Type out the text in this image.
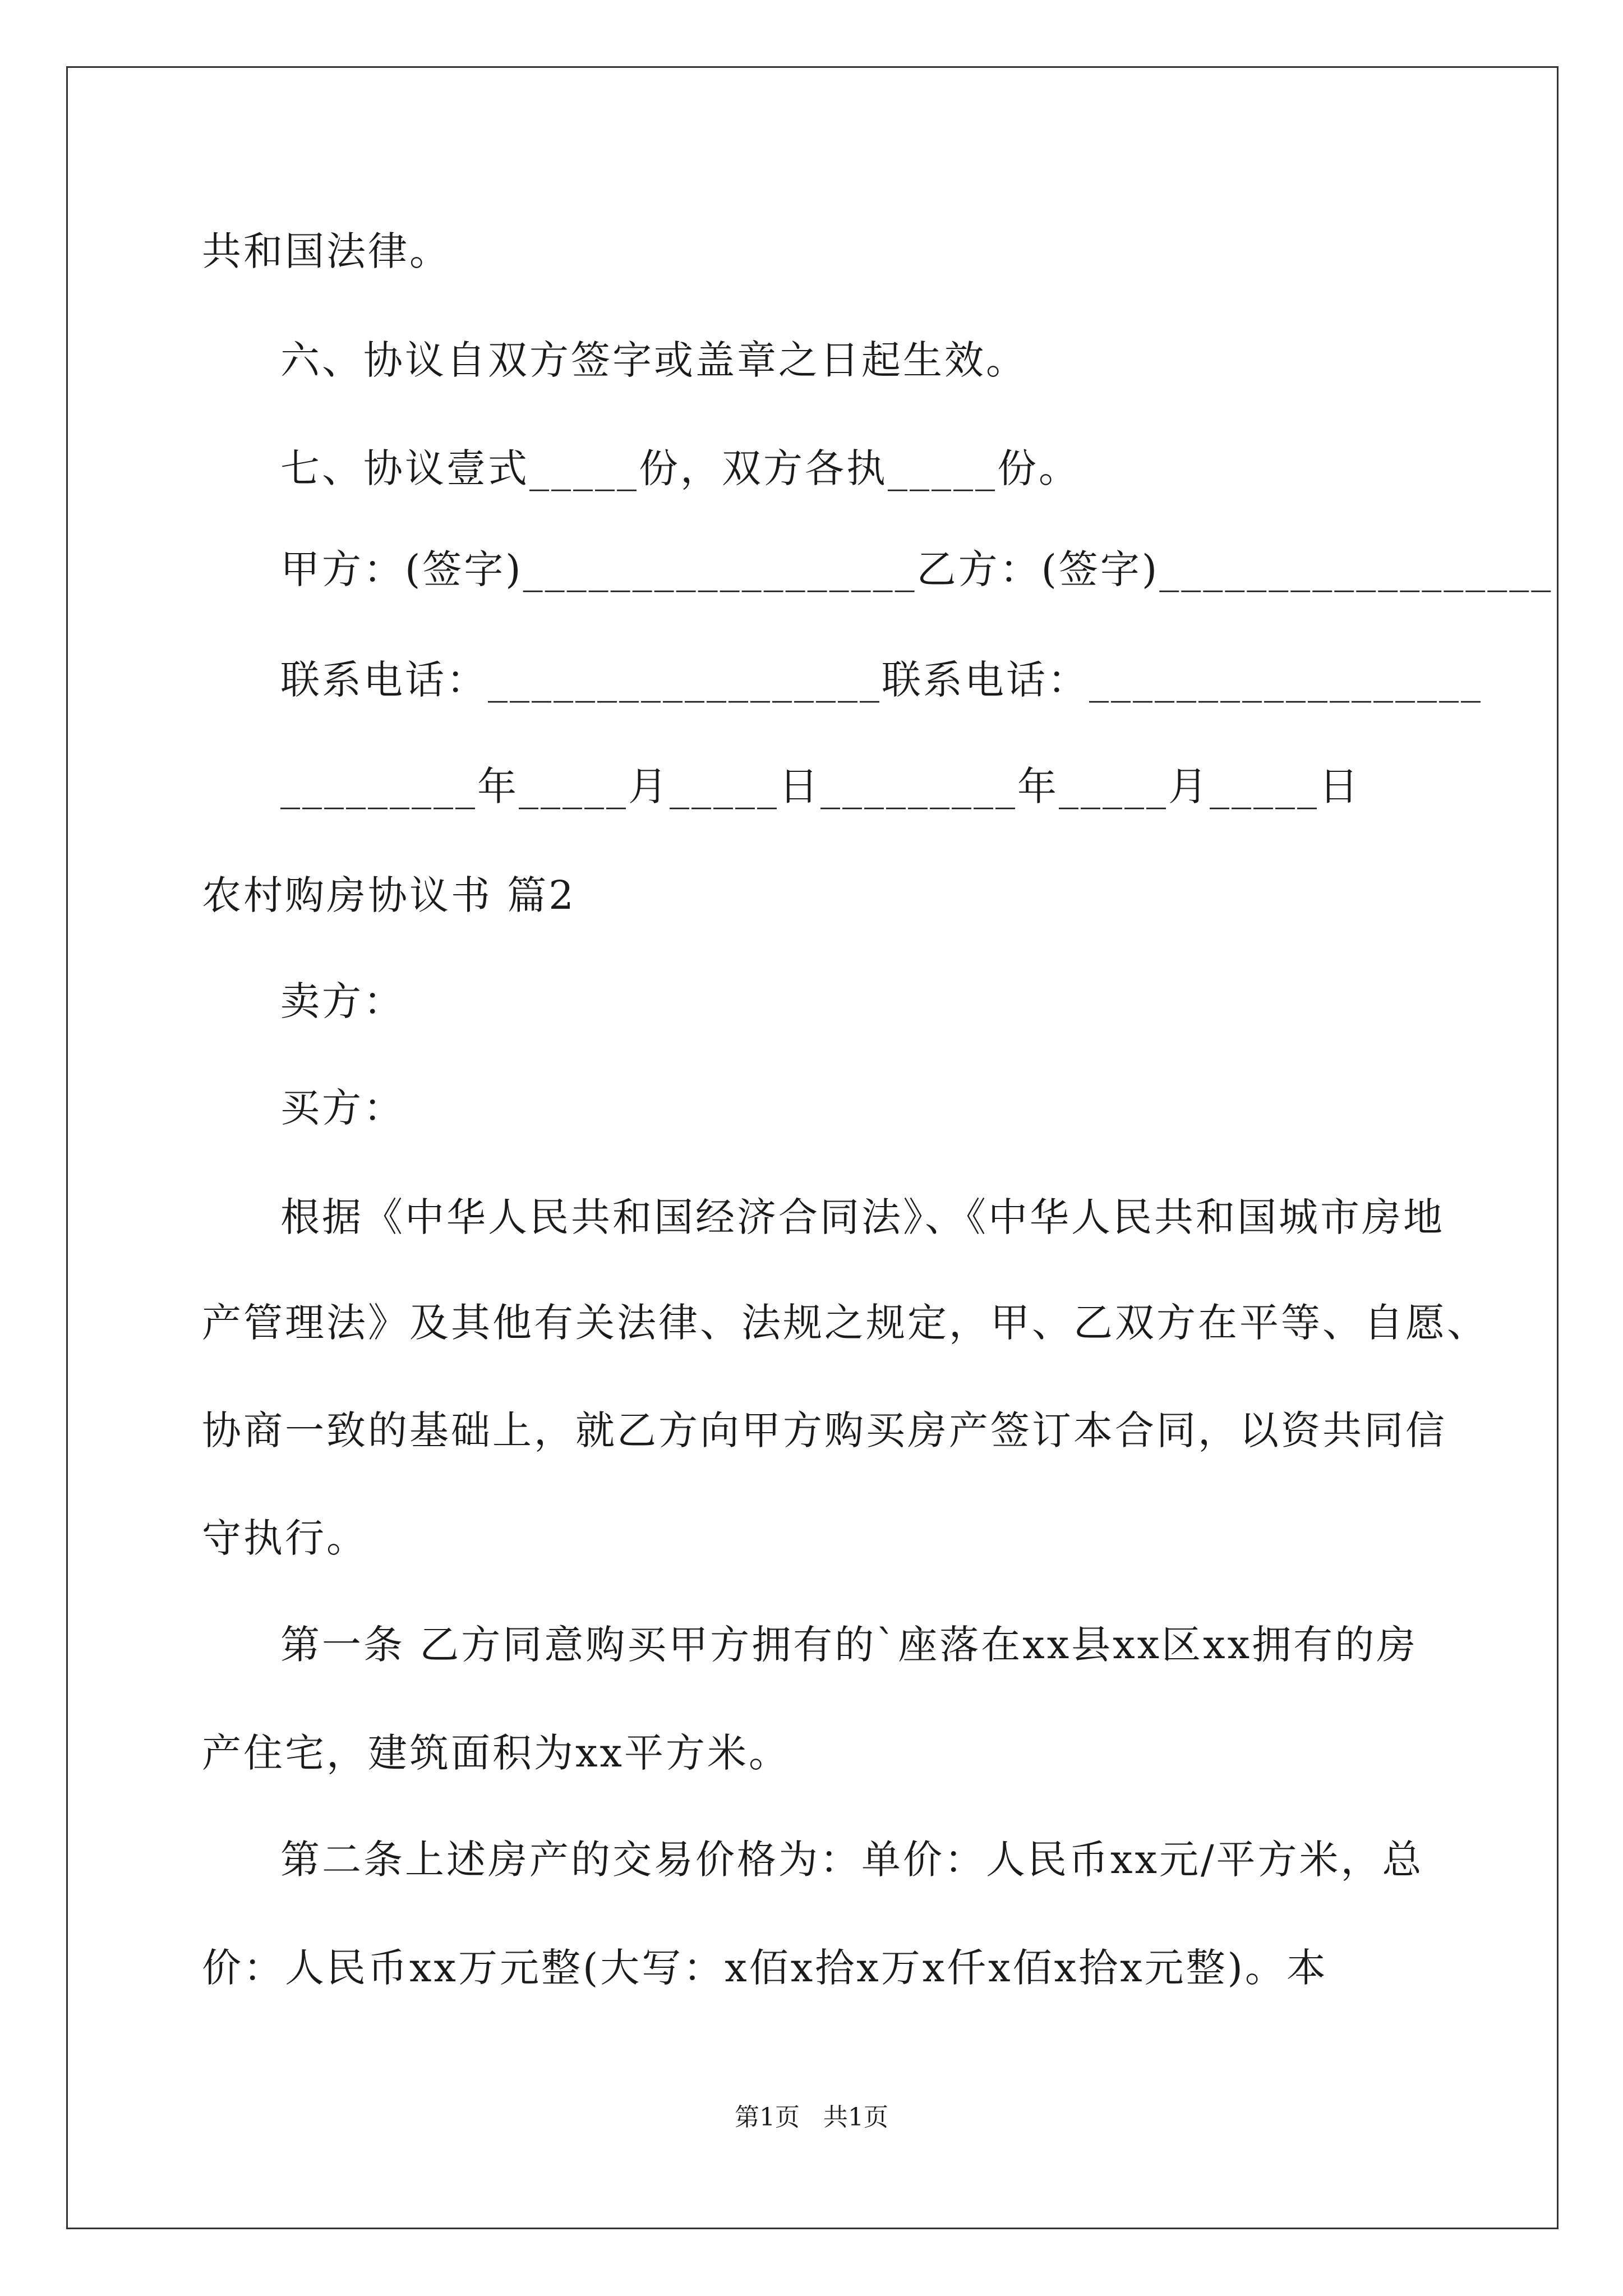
共和国法律。
六、协议自双方签字或盖章之日起生效。
七、协议壹式_____份，双方各执_____份。
甲方：(签字)__________________乙方：(签字)__________________
联系电话：__________________联系电话：__________________
_________年_____月_____日_________年_____月_____日
农村购房协议书 篇2
卖方：
买方：
根据《中华人民共和国经济合同法》、《中华人民共和国城市房地
产管理法》及其他有关法律、法规之规定，甲、乙双方在平等、自愿、
协商一致的基础上，就乙方向甲方购买房产签订本合同，以资共同信
守执行。
第一条 乙方同意购买甲方拥有的`座落在xx县xx区xx拥有的房
产住宅，建筑面积为xx平方米。
第二条上述房产的交易价格为：单价：人民币xx元/平方米，总
价：人民币xx万元整(大写：x佰x拾x万x仟x佰x拾x元整)。本
第1页   共1页
